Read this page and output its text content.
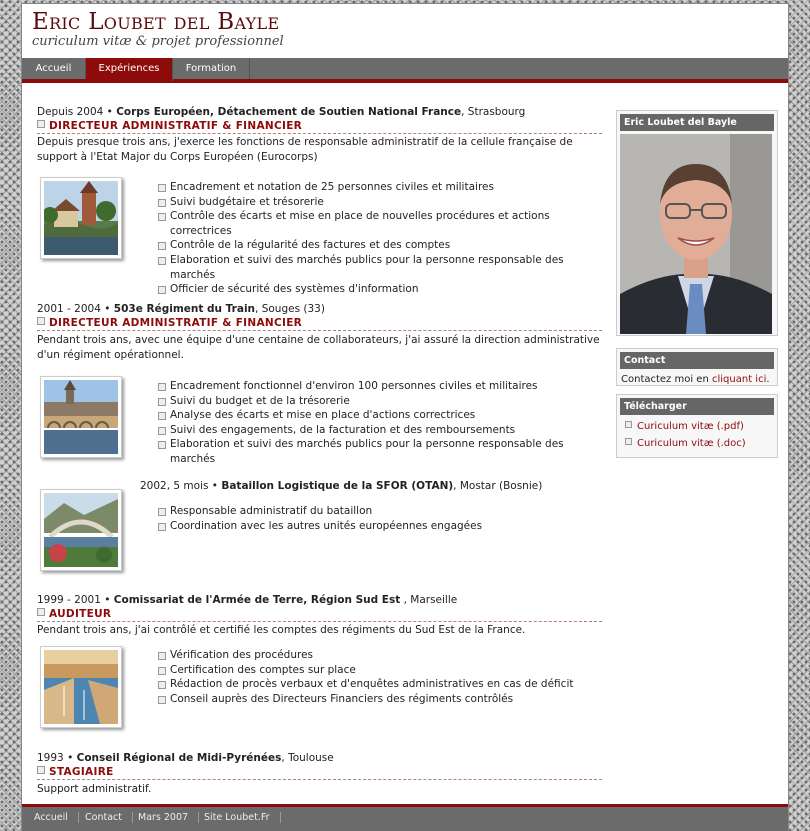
Eric Loubet del Bayle
curiculum vitæ & projet professionnel
Accueil	Expériences	Formation
Depuis 2004 • Corps Européen, Détachement de Soutien National France, Strasbourg
DIRECTEUR ADMINISTRATIF & FINANCIER
Depuis presque trois ans, j'exerce les fonctions de responsable administratif de la cellule française de support à l'Etat Major du Corps Européen (Eurocorps)
Encadrement et notation de 25 personnes civiles et militaires
Suivi budgétaire et trésorerie
Contrôle des écarts et mise en place de nouvelles procédures et actions correctrices
Contrôle de la régularité des factures et des comptes
Elaboration et suivi des marchés publics pour la personne responsable des marchés
Officier de sécurité des systèmes d'information
2001 - 2004 • 503e Régiment du Train, Souges (33)
DIRECTEUR ADMINISTRATIF & FINANCIER
Pendant trois ans, avec une équipe d'une centaine de collaborateurs, j'ai assuré la direction administrative d'un régiment opérationnel.
Encadrement fonctionnel d'environ 100 personnes civiles et militaires
Suivi du budget et de la trésorerie
Analyse des écarts et mise en place d'actions correctrices
Suivi des engagements, de la facturation et des remboursements
Elaboration et suivi des marchés publics pour la personne responsable des marchés
2002, 5 mois • Bataillon Logistique de la SFOR (OTAN), Mostar (Bosnie)
Responsable administratif du bataillon
Coordination avec les autres unités européennes engagées
1999 - 2001 • Comissariat de l'Armée de Terre, Région Sud Est , Marseille
AUDITEUR
Pendant trois ans, j'ai contrôlé et certifié les comptes des régiments du Sud Est de la France.
Vérification des procédures
Certification des comptes sur place
Rédaction de procès verbaux et d'enquêtes administratives en cas de déficit
Conseil auprès des Directeurs Financiers des régiments contrôlés
1993 • Conseil Régional de Midi-Pyrénées, Toulouse
STAGIAIRE
Support administratif.
Eric Loubet del Bayle
Contact
Contactez moi en cliquant ici.
Télécharger
Curiculum vitæ (.pdf)
Curiculum vitæ (.doc)
Accueil	Contact	Mars 2007	Site Loubet.Fr
